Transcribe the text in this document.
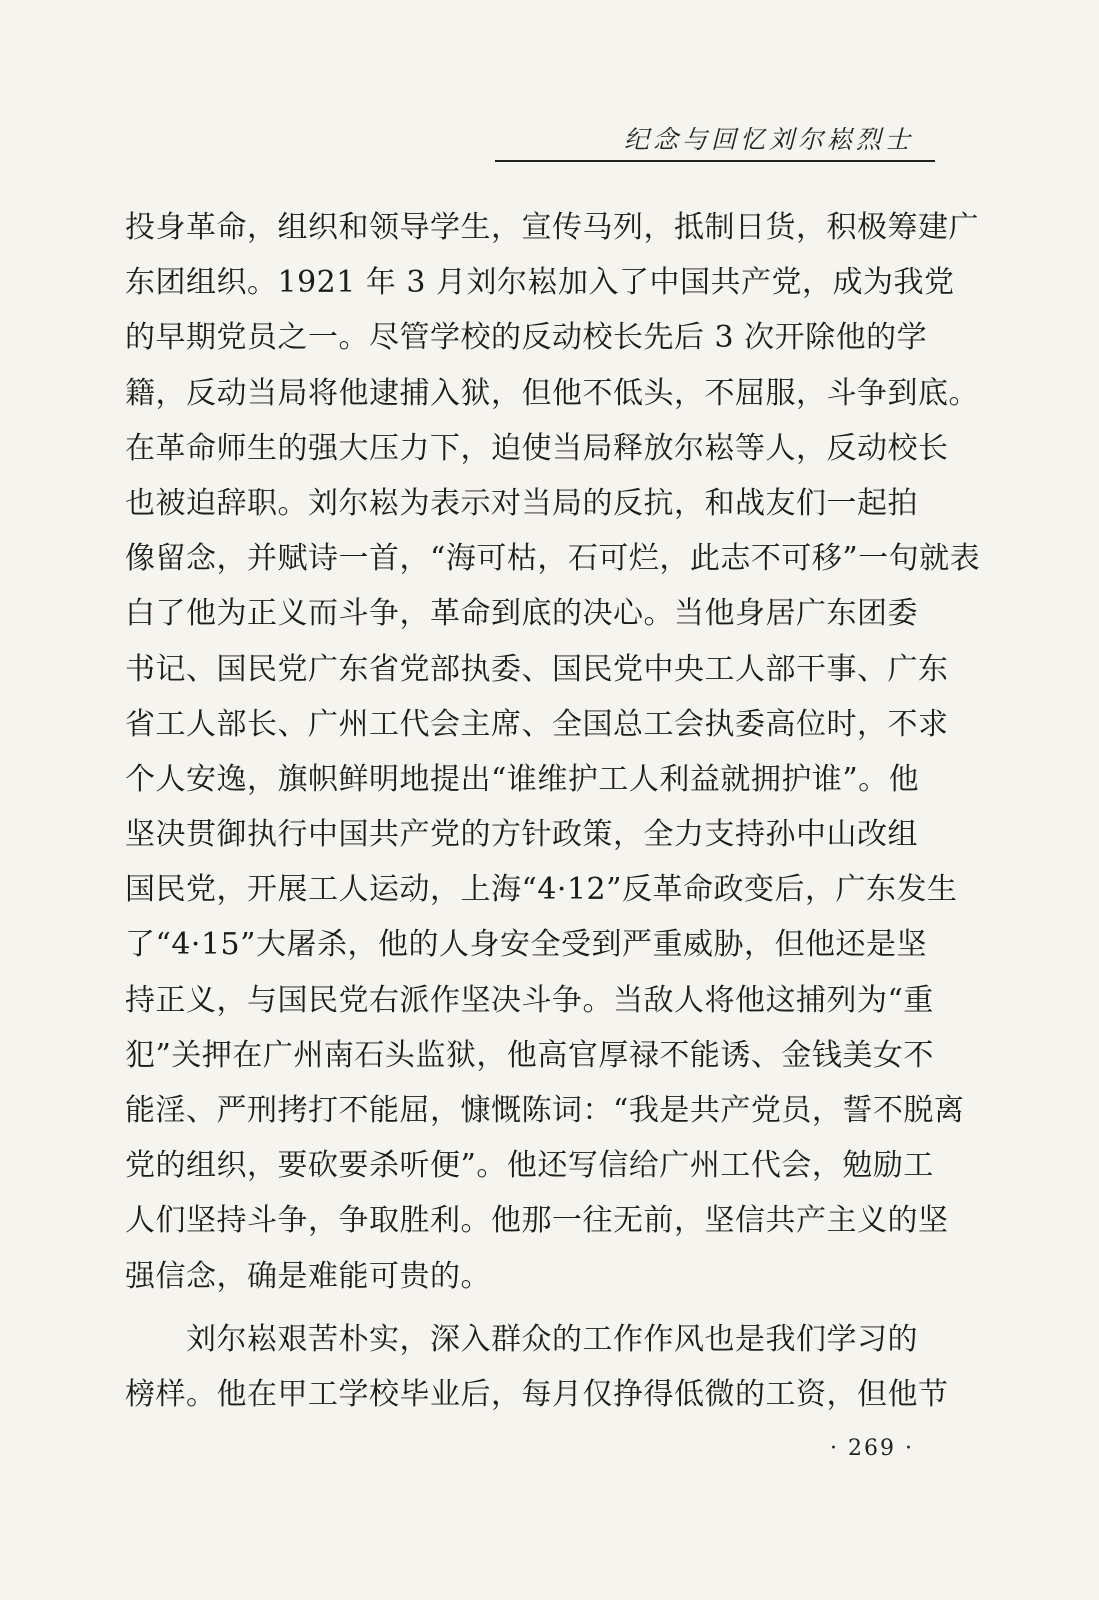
纪念与回忆刘尔崧烈士
投身革命，组织和领导学生，宣传马列，抵制日货，积极筹建广
东团组织。1921 年 3 月刘尔崧加入了中国共产党，成为我党
的早期党员之一。尽管学校的反动校长先后 3 次开除他的学
籍，反动当局将他逮捕入狱，但他不低头，不屈服，斗争到底。
在革命师生的强大压力下，迫使当局释放尔崧等人，反动校长
也被迫辞职。刘尔崧为表示对当局的反抗，和战友们一起拍
像留念，并赋诗一首，“海可枯，石可烂，此志不可移”一句就表
白了他为正义而斗争，革命到底的决心。当他身居广东团委
书记、国民党广东省党部执委、国民党中央工人部干事、广东
省工人部长、广州工代会主席、全国总工会执委高位时，不求
个人安逸，旗帜鲜明地提出“谁维护工人利益就拥护谁”。他
坚决贯御执行中国共产党的方针政策，全力支持孙中山改组
国民党，开展工人运动，上海“4·12”反革命政变后，广东发生
了“4·15”大屠杀，他的人身安全受到严重威胁，但他还是坚
持正义，与国民党右派作坚决斗争。当敌人将他这捕列为“重
犯”关押在广州南石头监狱，他高官厚禄不能诱、金钱美女不
能淫、严刑拷打不能屈，慷慨陈词：“我是共产党员，誓不脱离
党的组织，要砍要杀听便”。他还写信给广州工代会，勉励工
人们坚持斗争，争取胜利。他那一往无前，坚信共产主义的坚
强信念，确是难能可贵的。
　　刘尔崧艰苦朴实，深入群众的工作作风也是我们学习的
榜样。他在甲工学校毕业后，每月仅挣得低微的工资，但他节
· 269 ·
